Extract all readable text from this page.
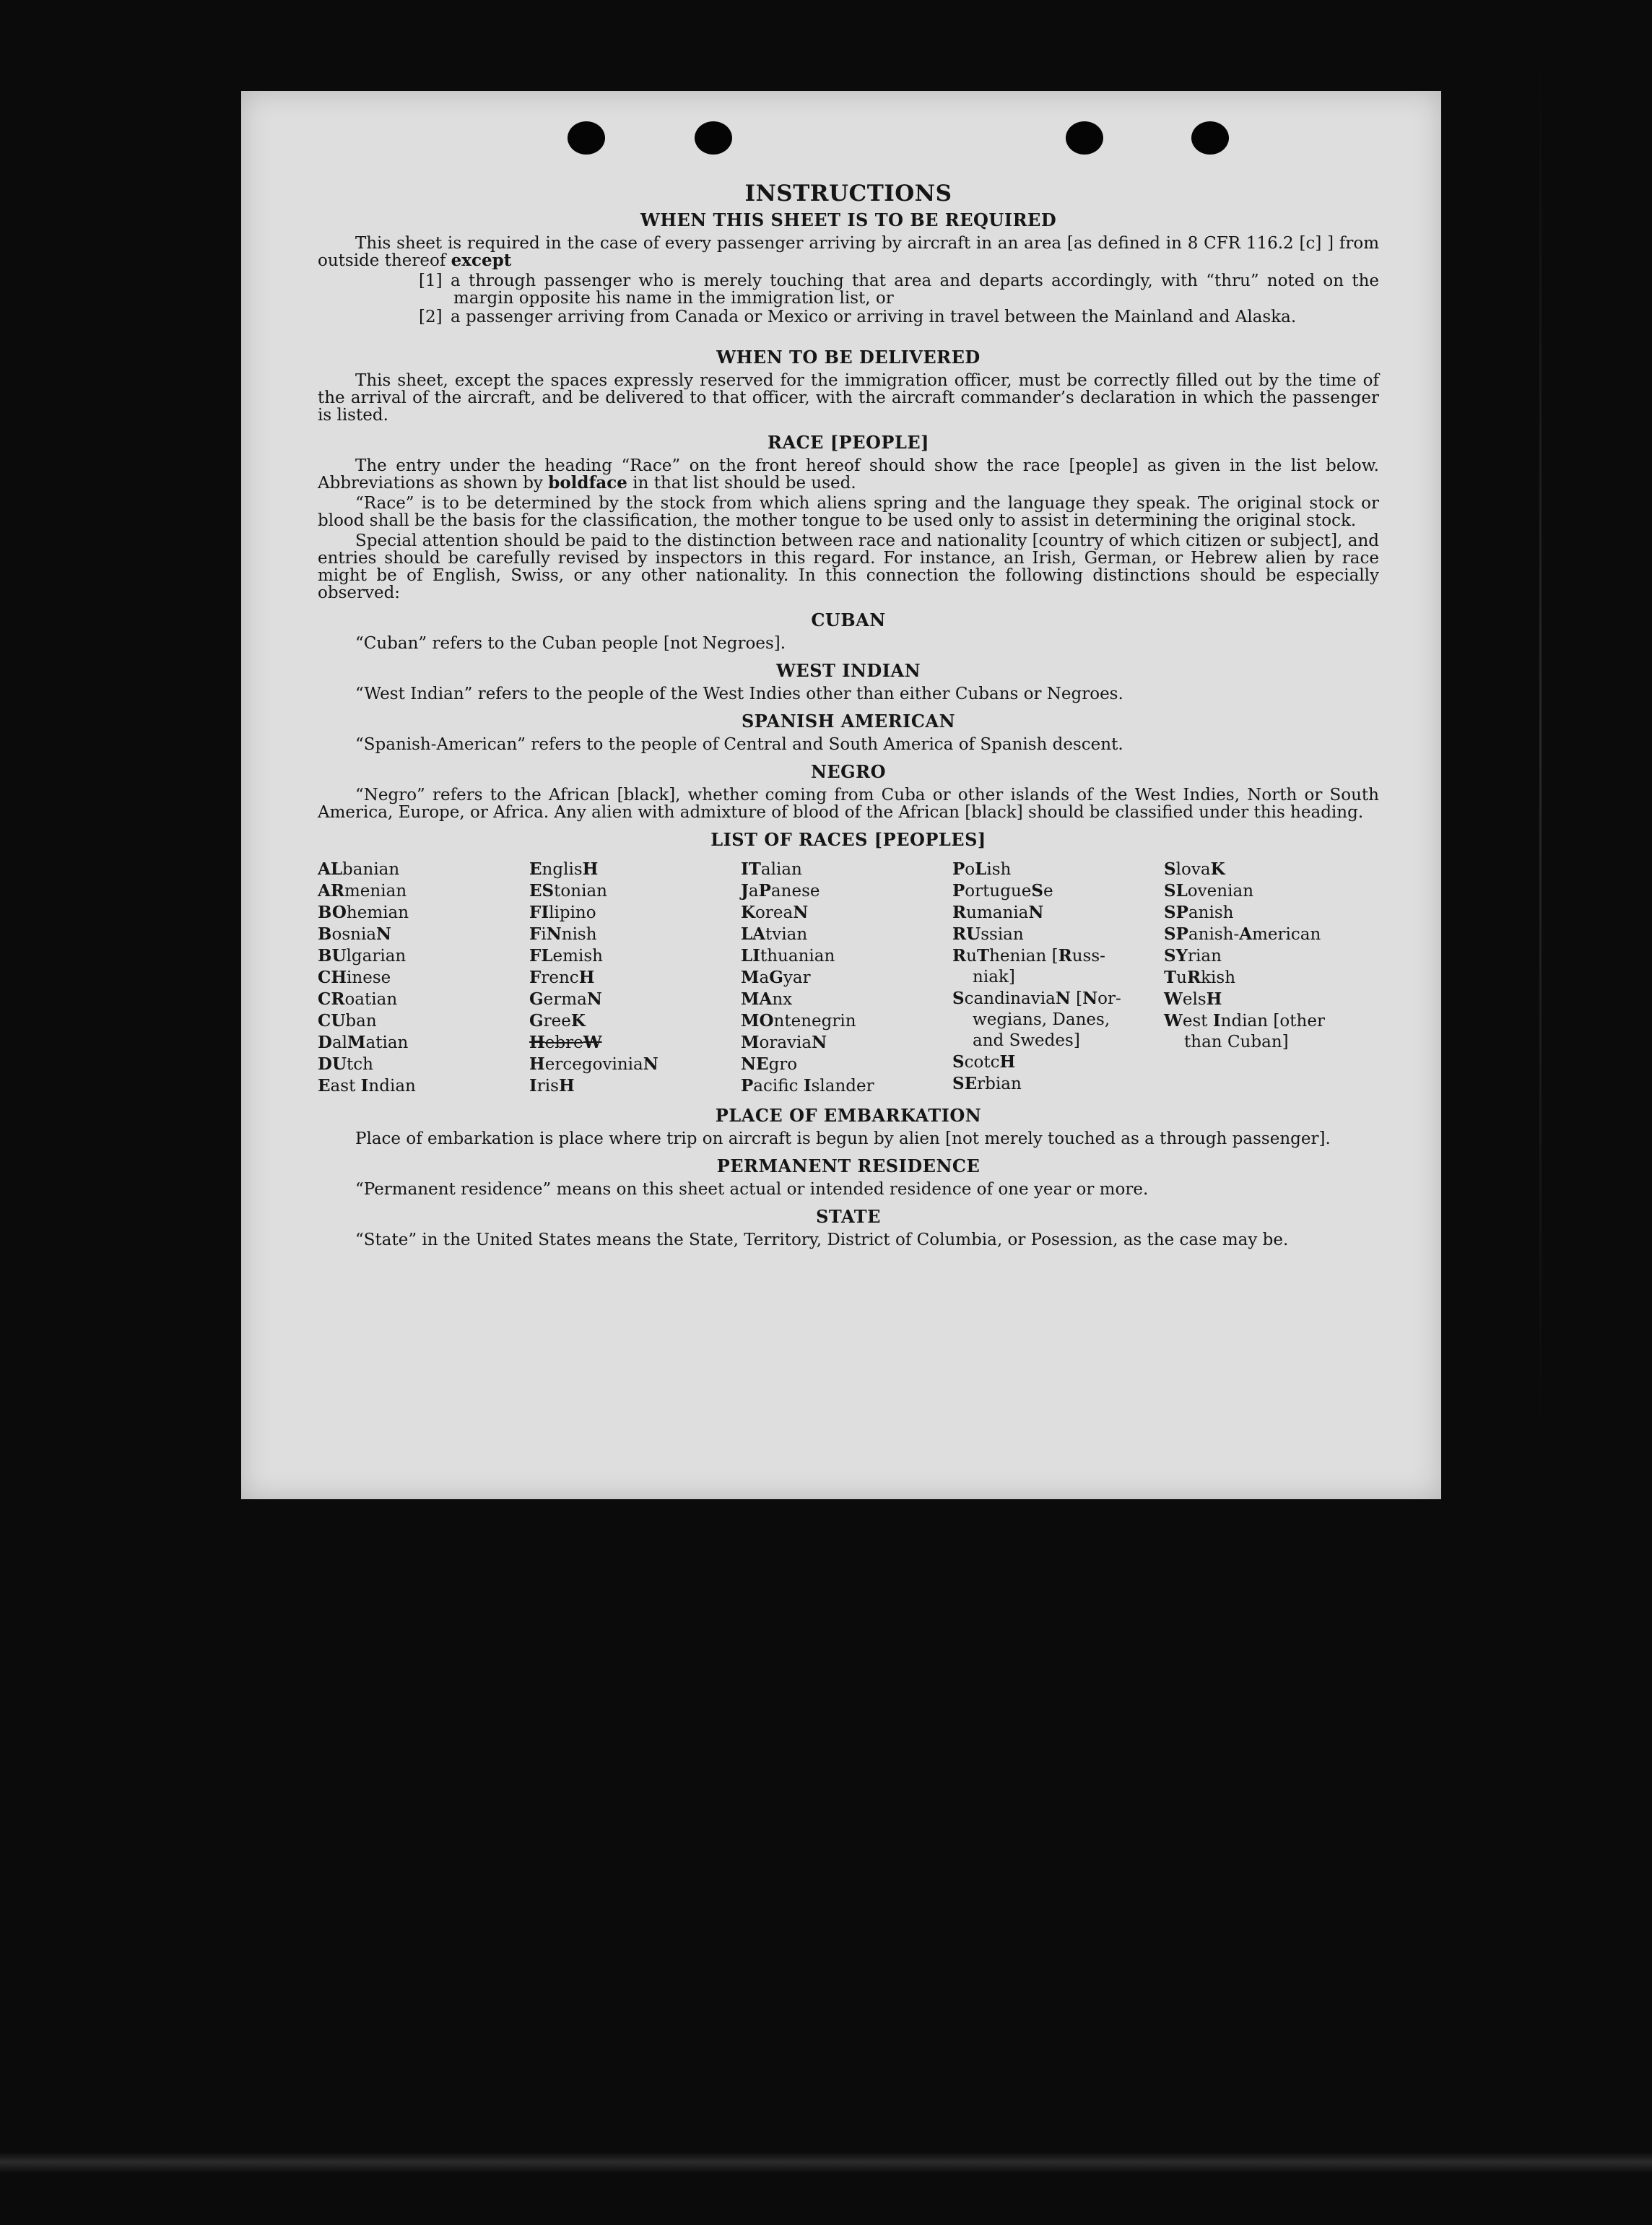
INSTRUCTIONS
WHEN THIS SHEET IS TO BE REQUIRED

This sheet is required in the case of every passenger arriving by aircraft in an area [as defined in 8 CFR 116.2 [c] ] from outside thereof except

[1] a through passenger who is merely touching that area and departs accordingly, with “thru” noted on the margin opposite his name in the immigration list, or
[2] a passenger arriving from Canada or Mexico or arriving in travel between the Mainland and Alaska.
WHEN TO BE DELIVERED

This sheet, except the spaces expressly reserved for the immigration officer, must be correctly filled out by the time of the arrival of the aircraft, and be delivered to that officer, with the aircraft commander’s declaration in which the passenger is listed.

RACE [PEOPLE]

The entry under the heading “Race” on the front hereof should show the race [people] as given in the list below. Abbreviations as shown by boldface in that list should be used.

“Race” is to be determined by the stock from which aliens spring and the language they speak. The original stock or blood shall be the basis for the classification, the mother tongue to be used only to assist in determining the original stock.

Special attention should be paid to the distinction between race and nationality [country of which citizen or subject], and entries should be carefully revised by inspectors in this regard. For instance, an Irish, German, or Hebrew alien by race might be of English, Swiss, or any other nationality. In this connection the following distinctions should be especially observed:

CUBAN

“Cuban” refers to the Cuban people [not Negroes].

WEST INDIAN

“West Indian” refers to the people of the West Indies other than either Cubans or Negroes.

SPANISH AMERICAN

“Spanish-American” refers to the people of Central and South America of Spanish descent.

NEGRO

“Negro” refers to the African [black], whether coming from Cuba or other islands of the West Indies, North or South America, Europe, or Africa. Any alien with admixture of blood of the African [black] should be classified under this heading.

LIST OF RACES [PEOPLES]
ALbanian
ARmenian
BOhemian
BosniaN
BUlgarian
CHinese
CRoatian
CUban
DalMatian
DUtch
East Indian
EnglisH
EStonian
FIlipino
FiNnish
FLemish
FrencH
GermaN
GreeK
HebreW
HercegoviniaN
IrisH
ITalian
JaPanese
KoreaN
LAtvian
LIthuanian
MaGyar
MAnx
MOntenegrin
MoraviaN
NEgro
Pacifc Islander
PoLish
PortugueSe
RumaniaN
RUssian
RuThenian [Russ-
niak]
ScandinaviaN [Nor-
wegians, Danes,
and Swedes]
ScotcH
SErbian
SlovaK
SLovenian
SPanish
SPanish-American
SYrian
TuRkish
WelsH
West Indian [other
than Cuban]
PLACE OF EMBARKATION

Place of embarkation is place where trip on aircraft is begun by alien [not merely touched as a through passenger].

PERMANENT RESIDENCE

“Permanent residence” means on this sheet actual or intended residence of one year or more.

STATE

“State” in the United States means the State, Territory, District of Columbia, or Posession, as the case may be.
